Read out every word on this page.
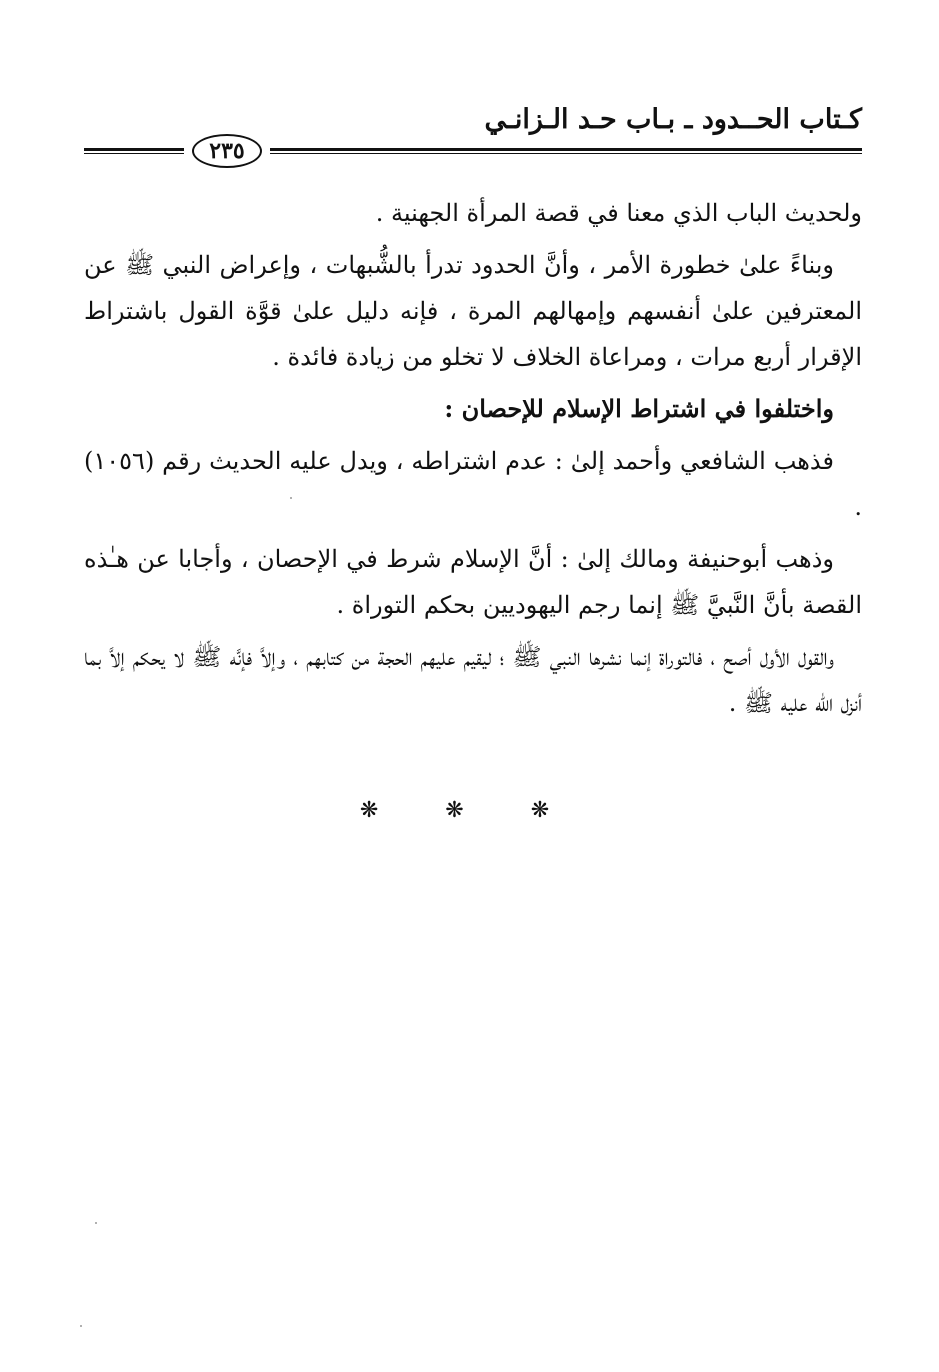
كـتاب الحــدود ـ بـاب حـد الـزانـي
٢٣٥

ولحديث الباب الذي معنا في قصة المرأة الجهنية .

وبناءً علىٰ خطورة الأمر ، وأنَّ الحدود تدرأ بالشُّبهات ، وإعراض النبي ﷺ عن المعترفين علىٰ أنفسهم وإمهالهم المرة ، فإنه دليل علىٰ قوَّة القول باشتراط الإقرار أربع مرات ، ومراعاة الخلاف لا تخلو من زيادة فائدة .

واختلفوا في اشتراط الإسلام للإحصان :

فذهب الشافعي وأحمد إلىٰ : عدم اشتراطه ، ويدل عليه الحديث رقم (١٠٥٦) .

وذهب أبوحنيفة ومالك إلىٰ : أنَّ الإسلام شرط في الإحصان ، وأجابا عن هـٰذه القصة بأنَّ النَّبيَّ ﷺ إنما رجم اليهوديين بحكم التوراة .

والقول الأول أصح ، فالتوراة إنما نشرها النبي ﷺ ؛ ليقيم عليهم الحجة من كتابهم ، وإلاَّ فإنَّه ﷺ لا يحكم إلاَّ بما أنزل الله عليه ﷺ .

❋ ❋ ❋
